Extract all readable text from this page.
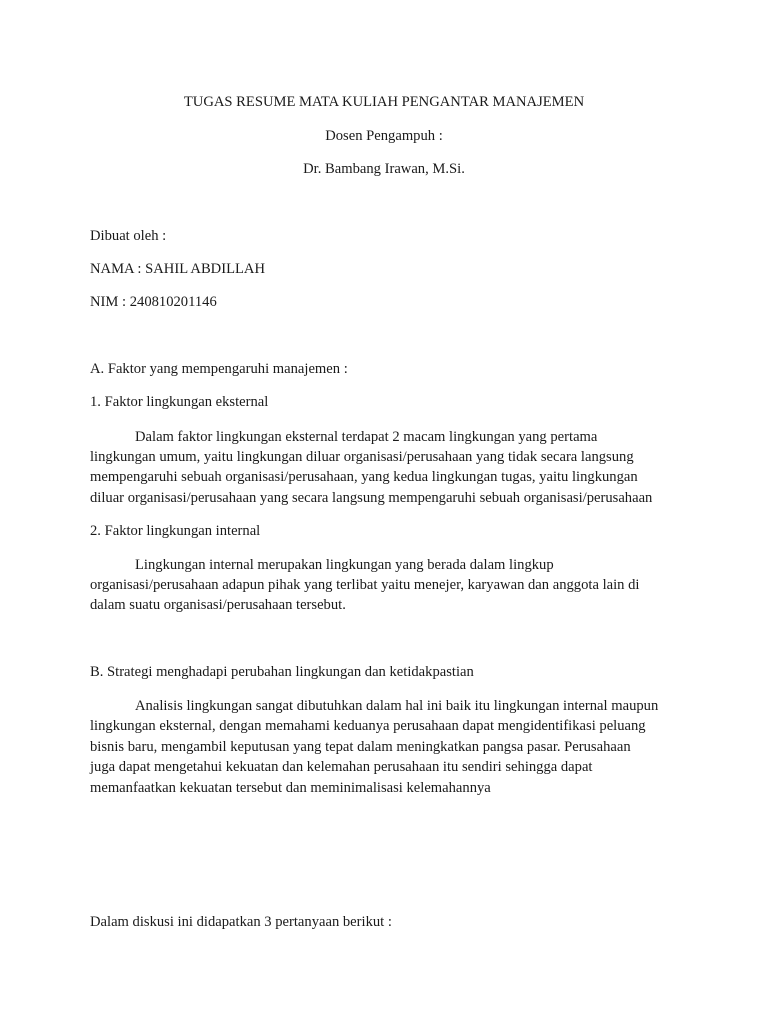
TUGAS RESUME MATA KULIAH PENGANTAR MANAJEMEN
Dosen Pengampuh :
Dr. Bambang Irawan, M.Si.
Dibuat oleh :
NAMA : SAHIL ABDILLAH
NIM : 240810201146
A. Faktor yang mempengaruhi manajemen :
1. Faktor lingkungan eksternal
Dalam faktor lingkungan eksternal terdapat 2 macam lingkungan yang pertama
lingkungan umum, yaitu lingkungan diluar organisasi/perusahaan yang tidak secara langsung
mempengaruhi sebuah organisasi/perusahaan, yang kedua lingkungan tugas, yaitu lingkungan
diluar organisasi/perusahaan yang secara langsung mempengaruhi sebuah organisasi/perusahaan
2. Faktor lingkungan internal
Lingkungan internal merupakan lingkungan yang berada dalam lingkup
organisasi/perusahaan adapun pihak yang terlibat yaitu menejer, karyawan dan anggota lain di
dalam suatu organisasi/perusahaan tersebut.
B. Strategi menghadapi perubahan lingkungan dan ketidakpastian
Analisis lingkungan sangat dibutuhkan dalam hal ini baik itu lingkungan internal maupun
lingkungan eksternal, dengan memahami keduanya perusahaan dapat mengidentifikasi peluang
bisnis baru, mengambil keputusan yang tepat dalam meningkatkan pangsa pasar. Perusahaan
juga dapat mengetahui kekuatan dan kelemahan perusahaan itu sendiri sehingga dapat
memanfaatkan kekuatan tersebut dan meminimalisasi kelemahannya
Dalam diskusi ini didapatkan 3 pertanyaan berikut :
